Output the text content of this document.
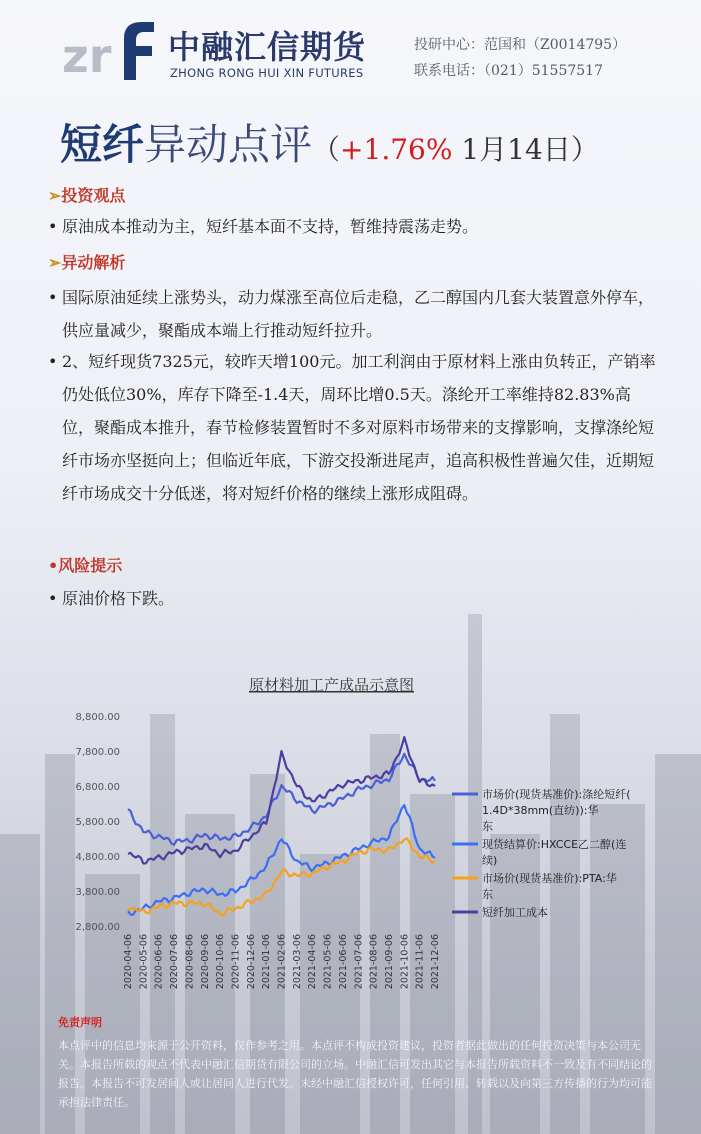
zr 中融汇信期货
ZHONG RONG HUI XIN FUTURES
投研中心：范国和（Z0014795）
联系电话：（021）51557517
短纤异动点评（+1.76% 1月14日）
➢投资观点
• 原油成本推动为主，短纤基本面不支持，暂维持震荡走势。
➢异动解析
• 国际原油延续上涨势头，动力煤涨至高位后走稳，乙二醇国内几套大装置意外停车，供应量减少，聚酯成本端上行推动短纤拉升。
• 2、短纤现货7325元，较昨天增100元。加工利润由于原材料上涨由负转正，产销率仍处低位30%，库存下降至-1.4天，周环比增0.5天。涤纶开工率维持82.83%高位，聚酯成本推升，春节检修装置暂时不多对原料市场带来的支撑影响，支撑涤纶短纤市场亦坚挺向上；但临近年底，下游交投渐进尾声，追高积极性普遍欠佳，近期短纤市场成交十分低迷，将对短纤价格的继续上涨形成阻碍。
•风险提示
• 原油价格下跌。
原材料加工产成品示意图
8,800.00
7,800.00
6,800.00
5,800.00
4,800.00
3,800.00
2,800.00
2020-04-06 2020-05-06 2020-06-06 2020-07-06 2020-08-06 2020-09-06 2020-10-06 2020-11-06 2020-12-06 2021-01-06 2021-02-06 2021-03-06 2021-04-06 2021-05-06 2021-06-06 2021-07-06 2021-08-06 2021-09-06 2021-10-06 2021-11-06 2021-12-06
市场价(现货基准价):涤纶短纤(
1.4D*38mm(直纺)):华
东
现货结算价:HXCCE乙二醇(连
续)
市场价(现货基准价):PTA:华
东
短纤加工成本
免责声明
本点评中的信息均来源于公开资料，仅作参考之用。本点评不构成投资建议，投资者据此做出的任何投资决策与本公司无关。本报告所载的观点不代表中融汇信期货有限公司的立场。中融汇信可发出其它与本报告所载资料不一致及有不同结论的报告。本报告不可发居间人或让居间人进行代发。未经中融汇信授权许可，任何引用、转载以及向第三方传播的行为均可能承担法律责任。
